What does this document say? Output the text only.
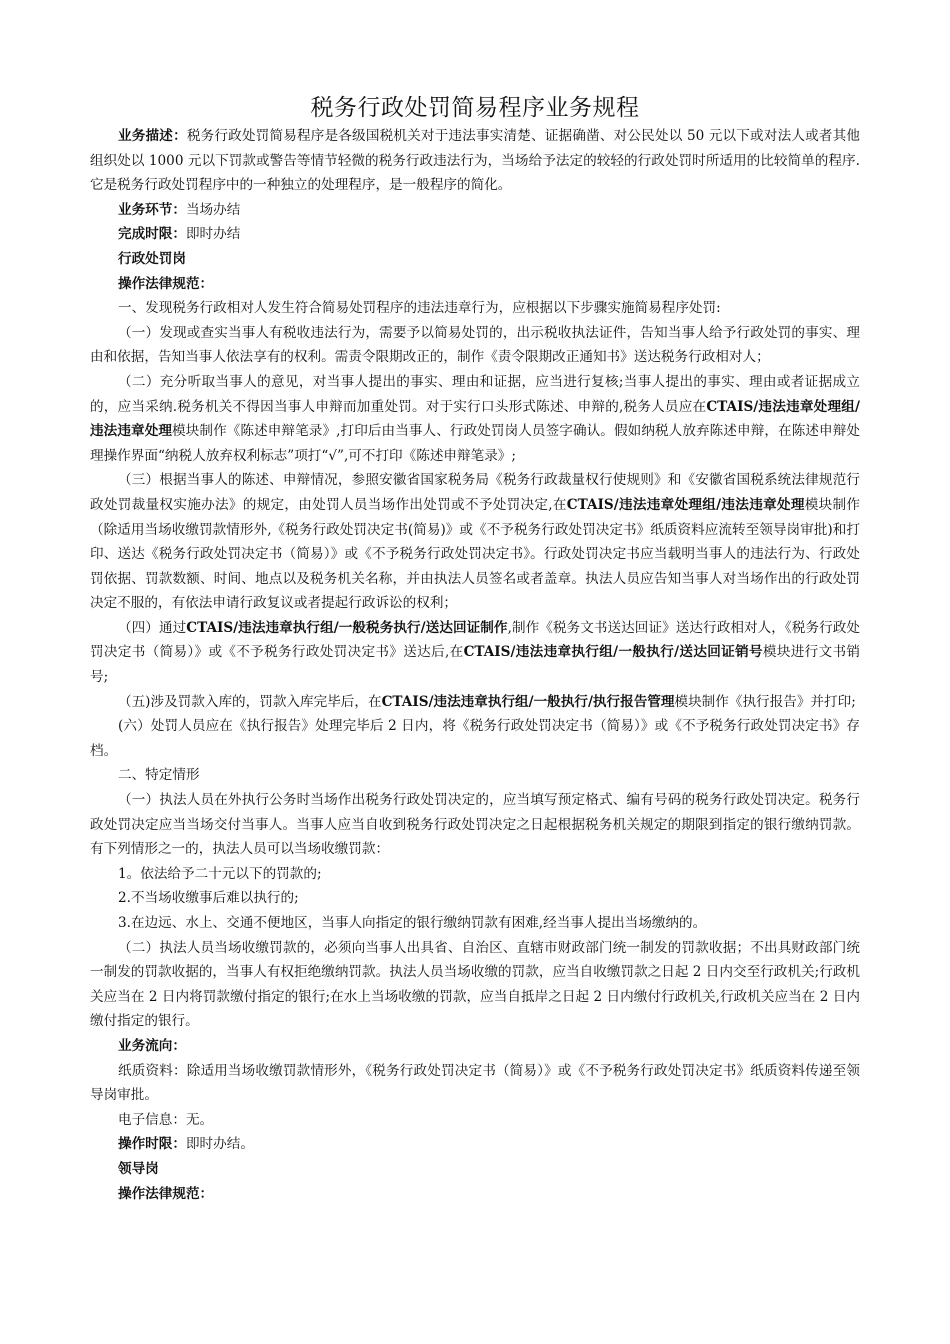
税务行政处罚简易程序业务规程

业务描述：税务行政处罚简易程序是各级国税机关对于违法事实清楚、证据确凿、对公民处以 50 元以下或对法人或者其他组织处以 1000 元以下罚款或警告等情节轻微的税务行政违法行为，当场给予法定的较轻的行政处罚时所适用的比较简单的程序.它是税务行政处罚程序中的一种独立的处理程序，是一般程序的简化。

业务环节：当场办结

完成时限：即时办结

行政处罚岗

操作法律规范：

一、发现税务行政相对人发生符合简易处罚程序的违法违章行为，应根据以下步骤实施简易程序处罚:

（一）发现或查实当事人有税收违法行为，需要予以简易处罚的，出示税收执法证件，告知当事人给予行政处罚的事实、理由和依据，告知当事人依法享有的权利。需责令限期改正的，制作《责令限期改正通知书》送达税务行政相对人；

（二）充分听取当事人的意见，对当事人提出的事实、理由和证据，应当进行复核;当事人提出的事实、理由或者证据成立的，应当采纳.税务机关不得因当事人申辩而加重处罚。对于实行口头形式陈述、申辩的,税务人员应在CTAIS/违法违章处理组/违法违章处理模块制作《陈述申辩笔录》,打印后由当事人、行政处罚岗人员签字确认。假如纳税人放弃陈述申辩，在陈述申辩处理操作界面“纳税人放弃权利标志”项打“√”,可不打印《陈述申辩笔录》;

（三）根据当事人的陈述、申辩情况，参照安徽省国家税务局《税务行政裁量权行使规则》和《安徽省国税系统法律规范行政处罚裁量权实施办法》的规定，由处罚人员当场作出处罚或不予处罚决定,在CTAIS/违法违章处理组/违法违章处理模块制作（除适用当场收缴罚款情形外,《税务行政处罚决定书(简易)》或《不予税务行政处罚决定书》纸质资料应流转至领导岗审批)和打印、送达《税务行政处罚决定书（简易）》或《不予税务行政处罚决定书》。行政处罚决定书应当载明当事人的违法行为、行政处罚依据、罚款数额、时间、地点以及税务机关名称，并由执法人员签名或者盖章。执法人员应告知当事人对当场作出的行政处罚决定不服的，有依法申请行政复议或者提起行政诉讼的权利；

（四）通过CTAIS/违法违章执行组/一般税务执行/送达回证制作,制作《税务文书送达回证》送达行政相对人，《税务行政处罚决定书（简易）》或《不予税务行政处罚决定书》送达后,在CTAIS/违法违章执行组/一般执行/送达回证销号模块进行文书销号;

（五)涉及罚款入库的，罚款入库完毕后，在CTAIS/违法违章执行组/一般执行/执行报告管理模块制作《执行报告》并打印;

(六）处罚人员应在《执行报告》处理完毕后 2 日内，将《税务行政处罚决定书（简易）》或《不予税务行政处罚决定书》存档。

二、特定情形

（一）执法人员在外执行公务时当场作出税务行政处罚决定的，应当填写预定格式、编有号码的税务行政处罚决定。税务行政处罚决定应当当场交付当事人。当事人应当自收到税务行政处罚决定之日起根据税务机关规定的期限到指定的银行缴纳罚款。有下列情形之一的，执法人员可以当场收缴罚款：

1。依法给予二十元以下的罚款的;

2.不当场收缴事后难以执行的;

3.在边远、水上、交通不便地区，当事人向指定的银行缴纳罚款有困难,经当事人提出当场缴纳的。

（二）执法人员当场收缴罚款的，必须向当事人出具省、自治区、直辖市财政部门统一制发的罚款收据；不出具财政部门统一制发的罚款收据的，当事人有权拒绝缴纳罚款。执法人员当场收缴的罚款，应当自收缴罚款之日起 2 日内交至行政机关;行政机关应当在 2 日内将罚款缴付指定的银行;在水上当场收缴的罚款，应当自抵岸之日起 2 日内缴付行政机关,行政机关应当在 2 日内缴付指定的银行。

业务流向：

纸质资料：除适用当场收缴罚款情形外，《税务行政处罚决定书（简易）》或《不予税务行政处罚决定书》纸质资料传递至领导岗审批。

电子信息：无。

操作时限：即时办结。

领导岗

操作法律规范：
